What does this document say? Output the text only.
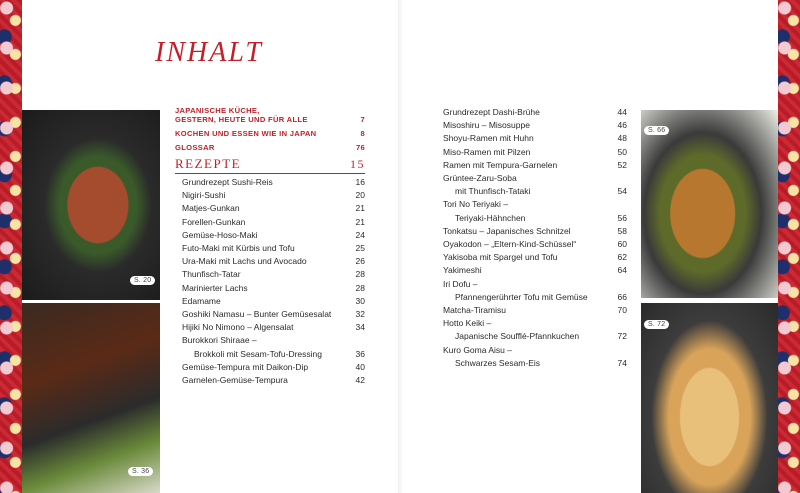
S. 20
S. 36
S. 66
S. 72
INHALT
JAPANISCHE KÜCHE,
GESTERN, HEUTE UND FÜR ALLE	7
KOCHEN UND ESSEN WIE IN JAPAN	8
GLOSSAR	76
REZEPTE	15
Grundrezept Sushi-Reis	16
Nigiri-Sushi	20
Matjes-Gunkan	21
Forellen-Gunkan	21
Gemüse-Hoso-Maki	24
Futo-Maki mit Kürbis und Tofu	25
Ura-Maki mit Lachs und Avocado	26
Thunfisch-Tatar	28
Marinierter Lachs	28
Edamame	30
Goshiki Namasu – Bunter Gemüsesalat	32
Hijiki No Nimono – Algensalat	34
Burokkori Shiraae –
Brokkoli mit Sesam-Tofu-Dressing	36
Gemüse-Tempura mit Daikon-Dip	40
Garnelen-Gemüse-Tempura	42
Grundrezept Dashi-Brühe	44
Misoshiru – Misosuppe	46
Shoyu-Ramen mit Huhn	48
Miso-Ramen mit Pilzen	50
Ramen mit Tempura-Garnelen	52
Grüntee-Zaru-Soba
mit Thunfisch-Tataki	54
Tori No Teriyaki –
Teriyaki-Hähnchen	56
Tonkatsu – Japanisches Schnitzel	58
Oyakodon – „Eltern-Kind-Schüssel“	60
Yakisoba mit Spargel und Tofu	62
Yakimeshi	64
Iri Dofu –
Pfannengerührter Tofu mit Gemüse	66
Matcha-Tiramisu	70
Hotto Keiki –
Japanische Soufflé-Pfannkuchen	72
Kuro Goma Aisu –
Schwarzes Sesam-Eis	74
